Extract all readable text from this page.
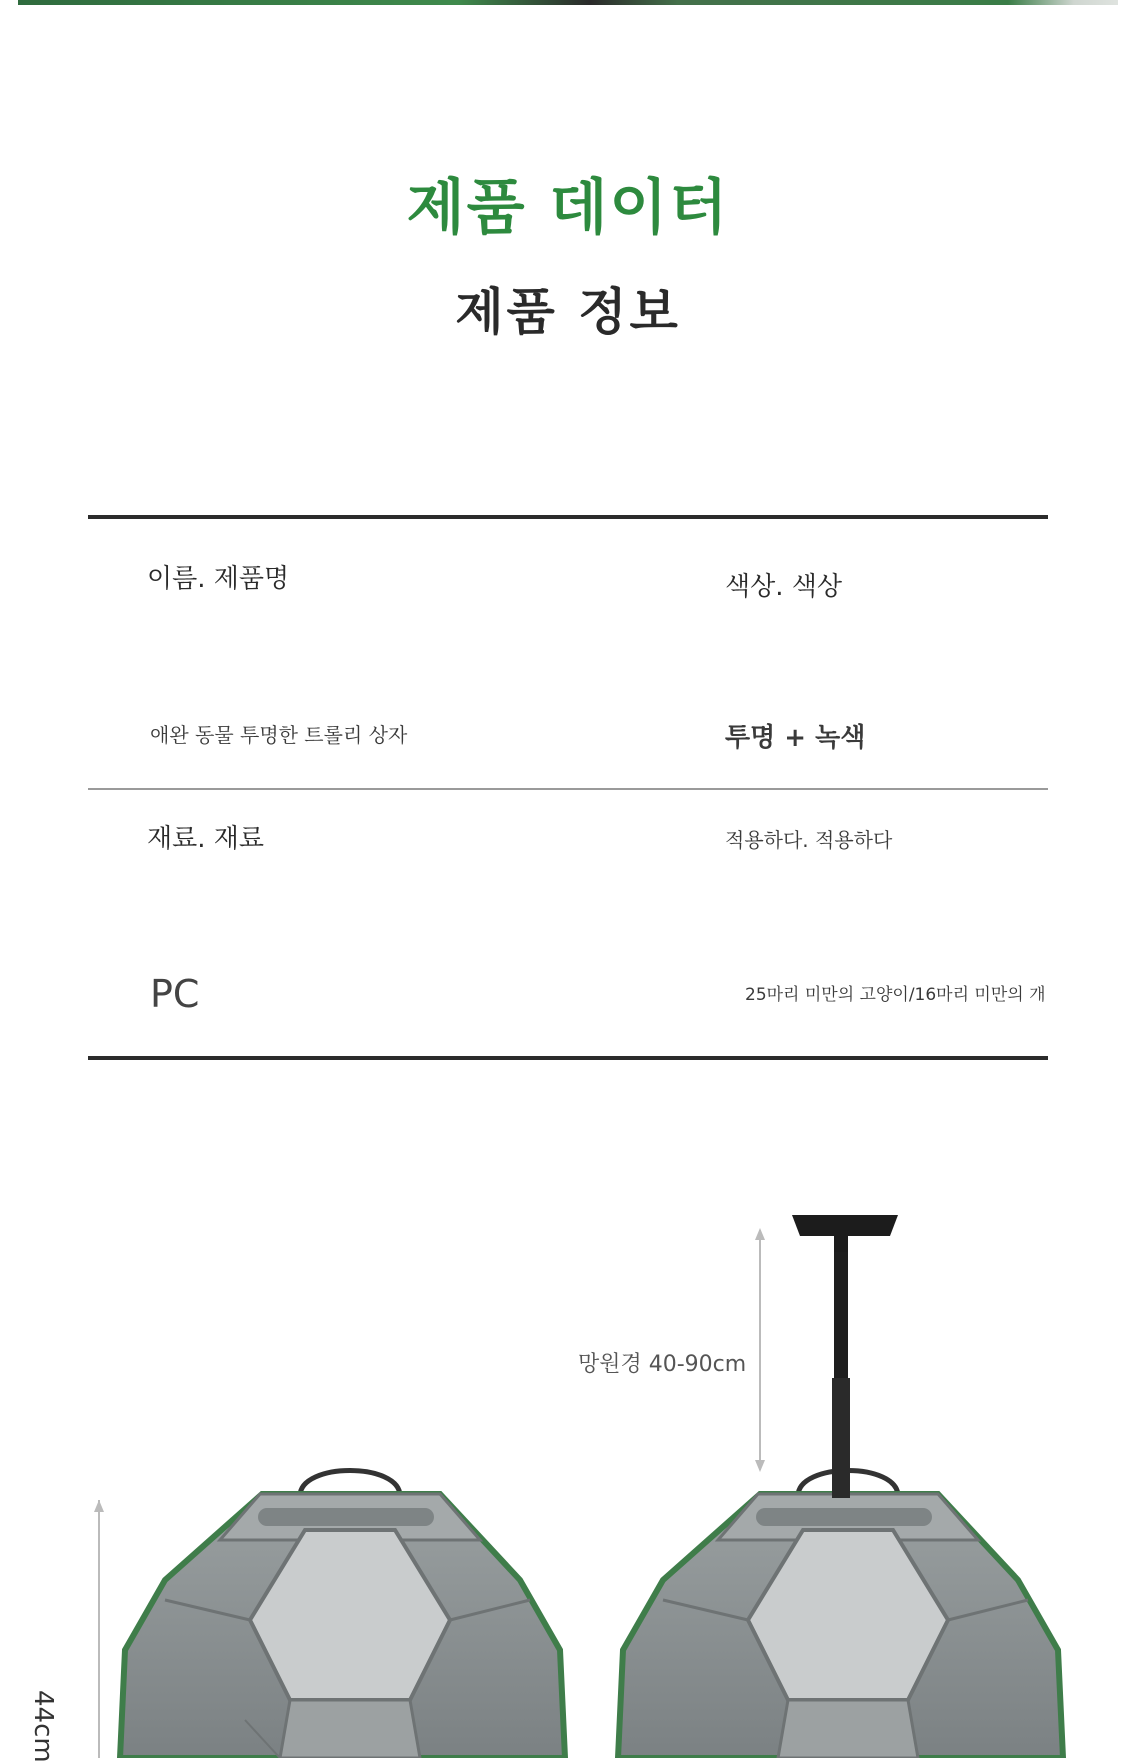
제품 데이터
제품 정보
이름. 제품명	색상. 색상
애완 동물 투명한 트롤리 상자	투명 + 녹색
재료. 재료	적용하다. 적용하다
PC	25마리 미만의 고양이/16마리 미만의 개
망원경 40-90cm
44cm
